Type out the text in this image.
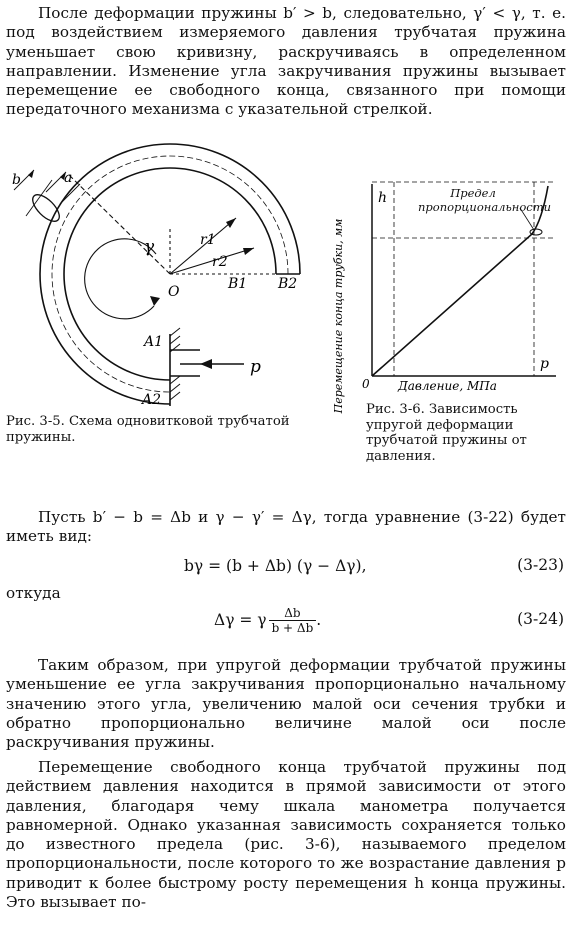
После деформации пружины b′ > b, следовательно, γ′ < γ, т. е. под воздействием измеряемого давления трубчатая пружина уменьшает свою кривизну, раскручиваясь в определенном направлении. Изменение угла закручивания пружины вызывает перемещение ее свободного конца, связанного при помощи передаточного механизма с указательной стрелкой.

b	a
γ	r1
r2
O	B1 B2
A1
A2
p	Перемещение конца трубки, мм
h
p
0 Давление, МПа
Предел пропорциональности

Рис. 3-5. Схема одновитковой трубчатой пружины.

Рис. 3-6. Зависимость упругой деформации трубчатой пружины от давления.

Пусть b′ − b = Δb и γ − γ′ = Δγ, тогда уравнение (3-22) будет иметь вид:

bγ = (b + Δb) (γ − Δγ),	(3-23)

откуда

Δγ = γ $\frac{\Delta b}{b + \Delta b}$ .	(3-24)

Таким образом, при упругой деформации трубчатой пружины уменьшение ее угла закручивания пропорционально начальному значению этого угла, увеличению малой оси сечения трубки и обратно пропорционально величине малой оси после раскручивания пружины.

Перемещение свободного конца трубчатой пружины под действием давления находится в прямой зависимости от этого давления, благодаря чему шкала манометра получается равномерной. Однако указанная зависимость сохраняется только до известного предела (рис. 3-6), называемого пределом пропорциональности, после которого то же возрастание давления p приводит к более быстрому росту перемещения h конца пружины. Это вызывает по-
